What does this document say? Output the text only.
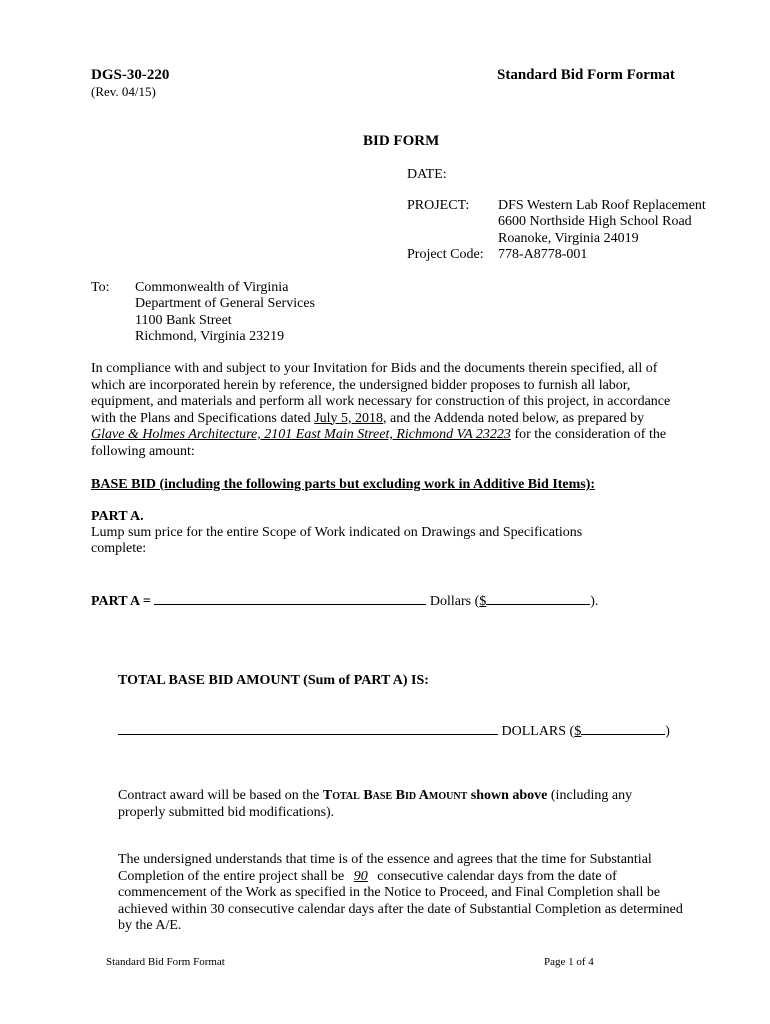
DGS-30-220
(Rev. 04/15)
Standard Bid Form Format
BID FORM
DATE:
PROJECT: DFS Western Lab Roof Replacement
6600 Northside High School Road
Roanoke, Virginia 24019
Project Code: 778-A8778-001
To: Commonwealth of Virginia
Department of General Services
1100 Bank Street
Richmond, Virginia 23219
In compliance with and subject to your Invitation for Bids and the documents therein specified, all of
which are incorporated herein by reference, the undersigned bidder proposes to furnish all labor,
equipment, and materials and perform all work necessary for construction of this project, in accordance
with the Plans and Specifications dated July 5, 2018, and the Addenda noted below, as prepared by
Glave & Holmes Architecture, 2101 East Main Street, Richmond VA 23223 for the consideration of the
following amount:
BASE BID (including the following parts but excluding work in Additive Bid Items):
PART A.
Lump sum price for the entire Scope of Work indicated on Drawings and Specifications
complete:
PART A =	Dollars ($	).
TOTAL BASE BID AMOUNT (Sum of PART A) IS:
DOLLARS ($	)
Contract award will be based on the Total Base Bid Amount shown above (including any
properly submitted bid modifications).
The undersigned understands that time is of the essence and agrees that the time for Substantial
Completion of the entire project shall be 90 consecutive calendar days from the date of
commencement of the Work as specified in the Notice to Proceed, and Final Completion shall be
achieved within 30 consecutive calendar days after the date of Substantial Completion as determined
by the A/E.
Standard Bid Form Format	Page 1 of 4
